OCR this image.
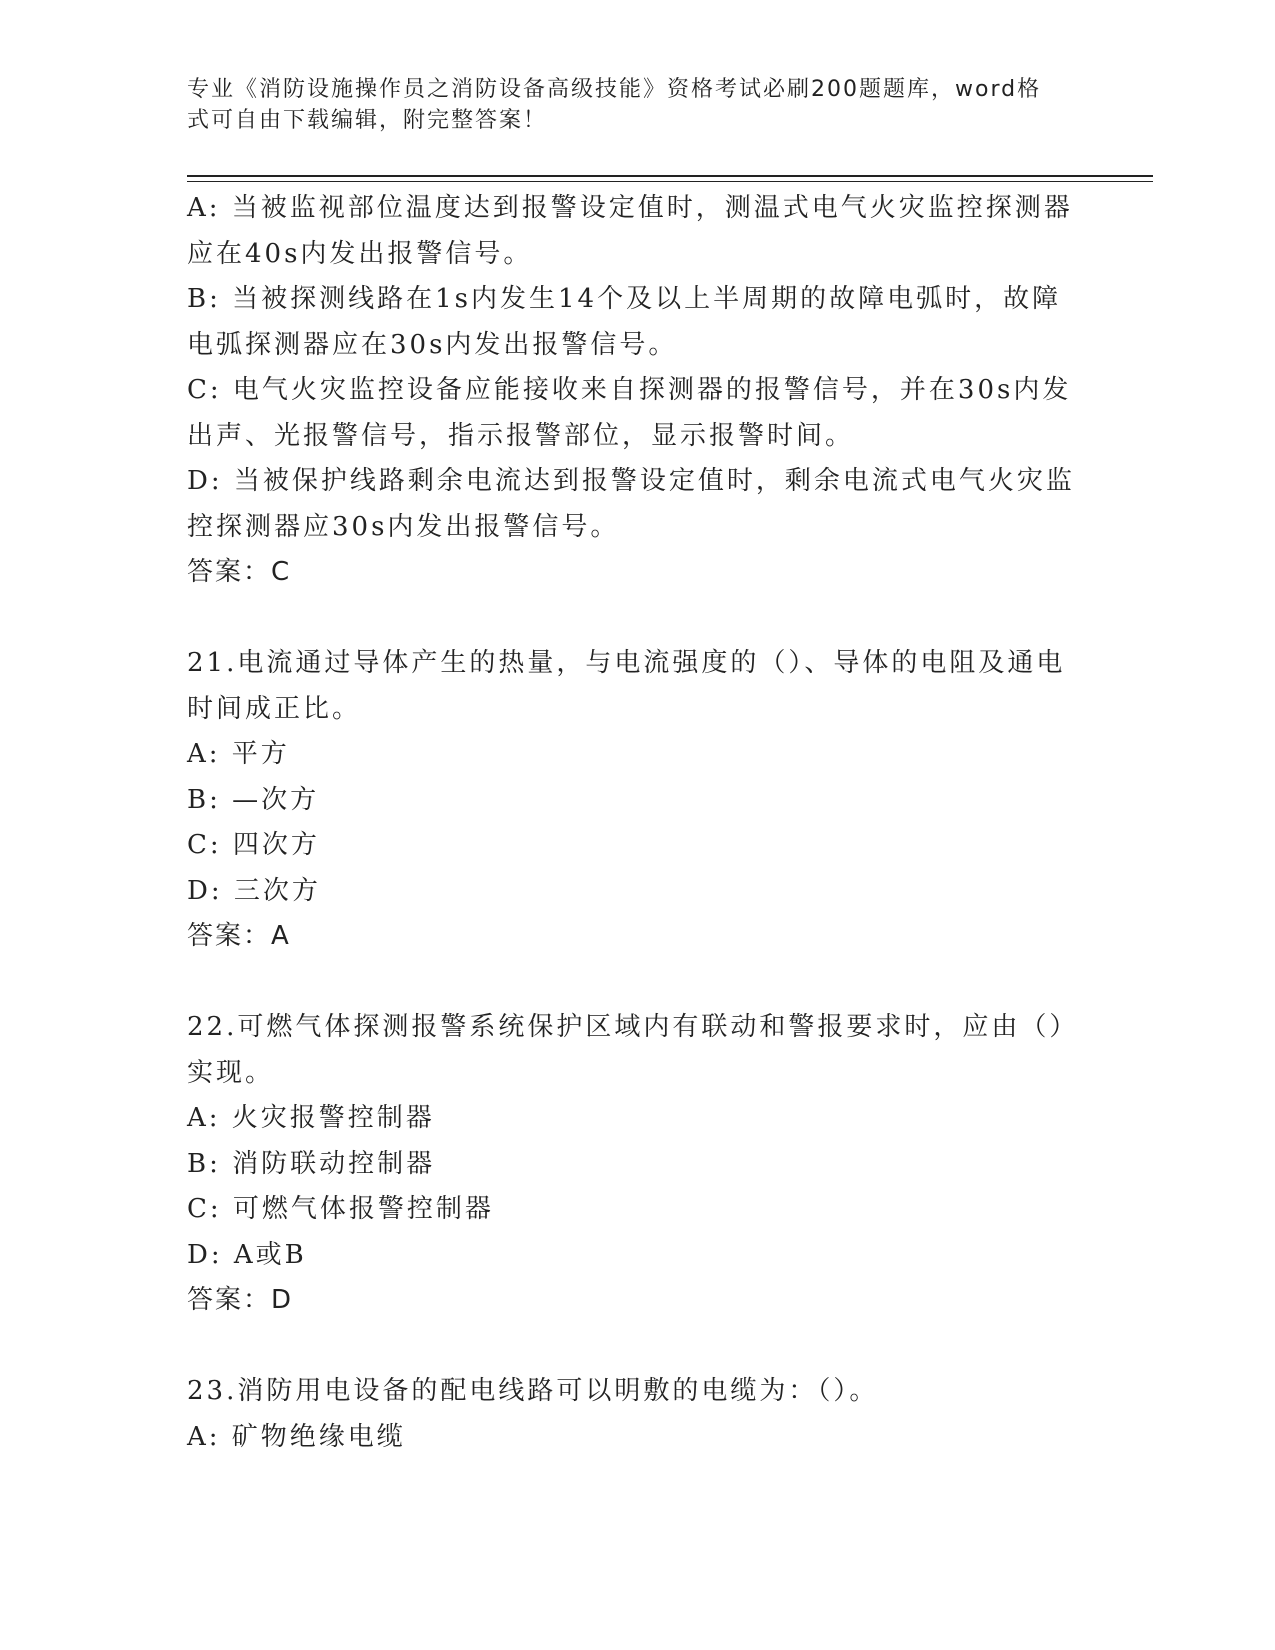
专业《消防设施操作员之消防设备高级技能》资格考试必刷200题题库，word格
式可自由下载编辑，附完整答案！
A: 当被监视部位温度达到报警设定值时，测温式电气火灾监控探测器
应在40s内发出报警信号。
B: 当被探测线路在1s内发生14个及以上半周期的故障电弧时，故障
电弧探测器应在30s内发出报警信号。
C: 电气火灾监控设备应能接收来自探测器的报警信号，并在30s内发
出声、光报警信号，指示报警部位，显示报警时间。
D: 当被保护线路剩余电流达到报警设定值时，剩余电流式电气火灾监
控探测器应30s内发出报警信号。
答案：C
21.电流通过导体产生的热量，与电流强度的（）、导体的电阻及通电
时间成正比。
A: 平方
B: —次方
C: 四次方
D: 三次方
答案：A
22.可燃气体探测报警系统保护区域内有联动和警报要求时，应由（）
实现。
A: 火灾报警控制器
B: 消防联动控制器
C: 可燃气体报警控制器
D: A或B
答案：D
23.消防用电设备的配电线路可以明敷的电缆为：（）。
A: 矿物绝缘电缆
